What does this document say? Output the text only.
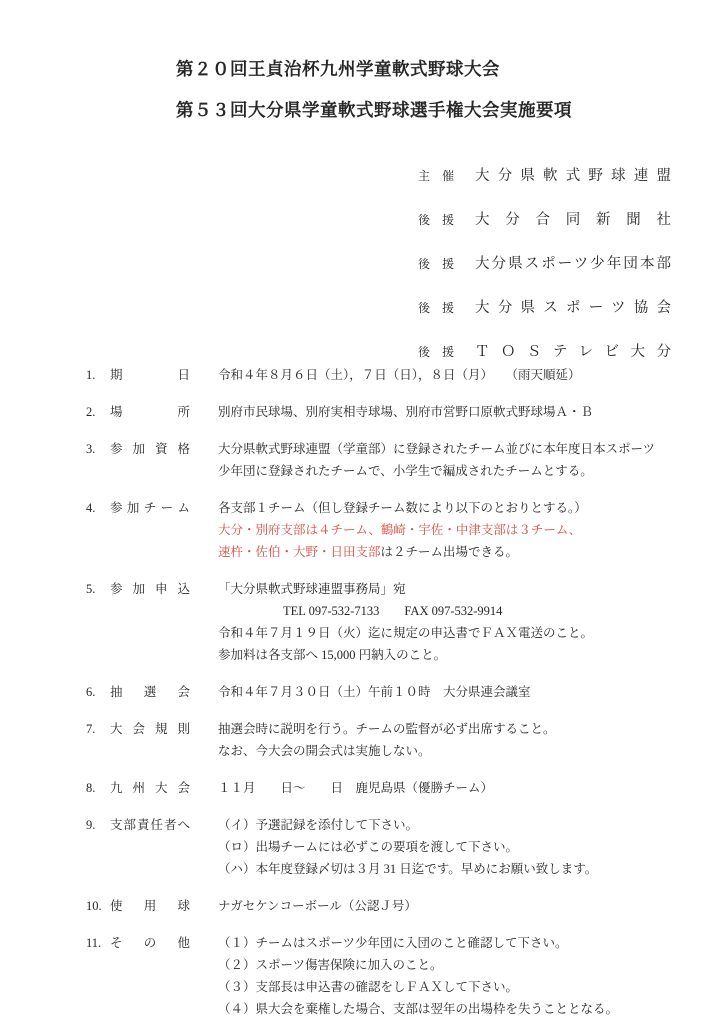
第２０回王貞治杯九州学童軟式野球大会
第５３回大分県学童軟式野球選手権大会実施要項
主催 大分県軟式野球連盟
後援 大分合同新聞社
後援 大分県スポーツ少年団本部
後援 大分県スポーツ協会
後援 ＴＯＳテレビ大分
1.	期日 令和４年８月６日（土），７日（日），８日（月）　　（雨天順延）
2.	場所 別府市民球場、別府実相寺球場、別府市営野口原軟式野球場Ａ・Ｂ
3.	参加資格 大分県軟式野球連盟（学童部）に登録されたチーム並びに本年度日本スポーツ
少年団に登録されたチームで、小学生で編成されたチームとする。
4.	参加チーム 各支部１チーム（但し登録チーム数により以下のとおりとする。）
大分・別府支部は４チーム、鶴崎・宇佐・中津支部は３チーム、
速杵・佐伯・大野・日田支部は２チーム出場できる。
5.	参加申込 「大分県軟式野球連盟事務局」宛
TEL 097-532-7133　　FAX 097-532-9914
令和４年７月１９日（火）迄に規定の申込書でＦＡＸ電送のこと。
参加料は各支部へ 15,000 円納入のこと。
6.	抽選会 令和４年７月３０日（土）午前１０時　大分県連会議室
7.	大会規則 抽選会時に説明を行う。チームの監督が必ず出席すること。
なお、今大会の開会式は実施しない。
8.	九州大会 １１月　　日～　　日　鹿児島県（優勝チーム）
9.	支部責任者へ （イ）予選記録を添付して下さい。
（ロ）出場チームには必ずこの要項を渡して下さい。
（ハ）本年度登録〆切は３月 31 日迄です。早めにお願い致します。
10. 使用球 ナガセケンコーボール（公認Ｊ号）
11. その他 （１）チームはスポーツ少年団に入団のこと確認して下さい。
（２）スポーツ傷害保険に加入のこと。
（３）支部長は申込書の確認をしＦＡＸして下さい。
（４）県大会を棄権した場合、支部は翌年の出場枠を失うこととなる。
